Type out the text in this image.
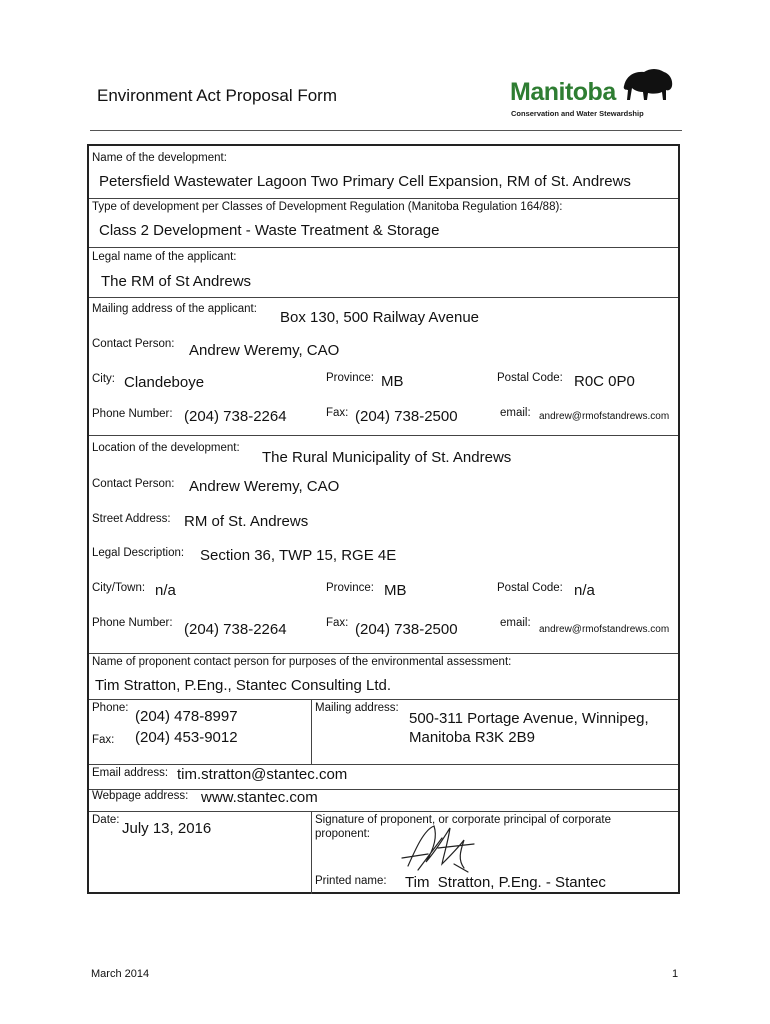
Environment Act Proposal Form	Manitoba
Conservation and Water Stewardship
Name of the development:
Petersfield Wastewater Lagoon Two Primary Cell Expansion, RM of St. Andrews
Type of development per Classes of Development Regulation (Manitoba Regulation 164/88):
Class 2 Development - Waste Treatment & Storage
Legal name of the applicant:
The RM of St Andrews
Mailing address of the applicant: Box 130, 500 Railway Avenue
Contact Person: Andrew Weremy, CAO
City: Clandeboye	Province: MB	Postal Code: R0C 0P0
Phone Number: (204) 738-2264	Fax: (204) 738-2500	email: andrew@rmofstandrews.com
Location of the development:
The Rural Municipality of St. Andrews
Contact Person: Andrew Weremy, CAO
Street Address: RM of St. Andrews
Legal Description: Section 36, TWP 15, RGE 4E
City/Town: n/a	Province: MB	Postal Code: n/a
Phone Number: (204) 738-2264	Fax: (204) 738-2500	email:
andrew@rmofstandrews.com
Name of proponent contact person for purposes of the environmental assessment:
Tim Stratton, P.Eng., Stantec Consulting Ltd.
Phone: (204) 478-8997
Fax: (204) 453-9012
Mailing address:
500-311 Portage Avenue, Winnipeg,
Manitoba R3K 2B9
Email address: tim.stratton@stantec.com
Webpage address: www.stantec.com
Date: July 13, 2016	Signature of proponent, or corporate principal of corporate
proponent:
Printed name: Tim  Stratton, P.Eng. - Stantec
March 2014	1
